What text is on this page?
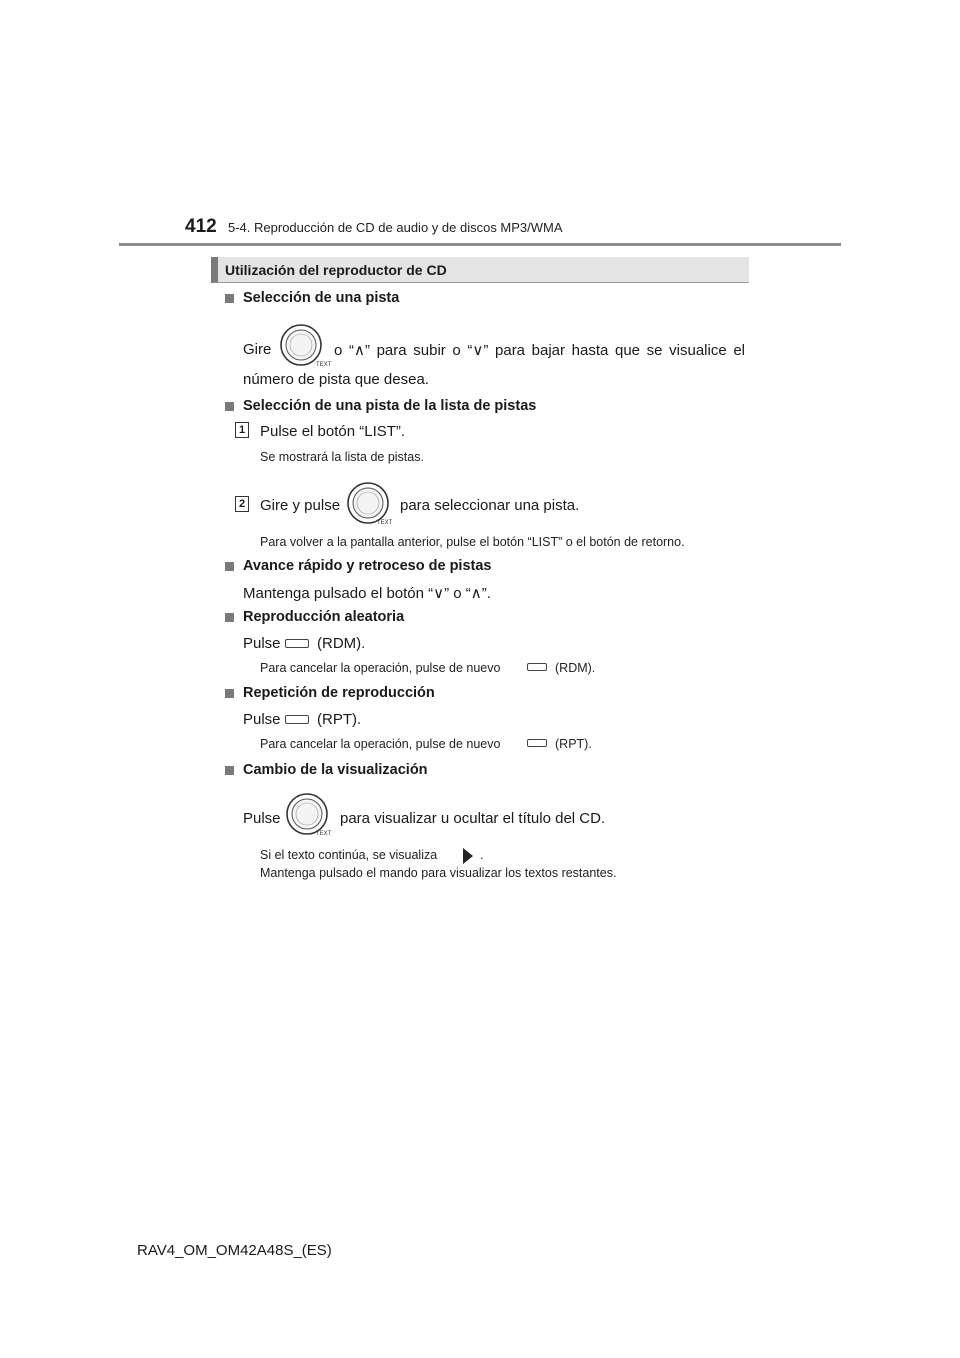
412 5-4. Reproducción de CD de audio y de discos MP3/WMA
Utilización del reproductor de CD
Selección de una pista
Gire
TEXT
o “∧” para subir o “∨” para bajar hasta que se visualice el
número de pista que desea.
Selección de una pista de la lista de pistas
1 Pulse el botón “LIST”.
Se mostrará la lista de pistas.
2 Gire y pulse
TEXT
para seleccionar una pista.
Para volver a la pantalla anterior, pulse el botón “LIST” o el botón de retorno.
Avance rápido y retroceso de pistas
Mantenga pulsado el botón “∨” o “∧”.
Reproducción aleatoria
Pulse (RDM).
Para cancelar la operación, pulse de nuevo	(RDM).
Repetición de reproducción
Pulse (RPT).
Para cancelar la operación, pulse de nuevo	(RPT).
Cambio de la visualización
Pulse
TEXT
para visualizar u ocultar el título del CD.
Si el texto continúa, se visualiza	.
Mantenga pulsado el mando para visualizar los textos restantes.
RAV4_OM_OM42A48S_(ES)
